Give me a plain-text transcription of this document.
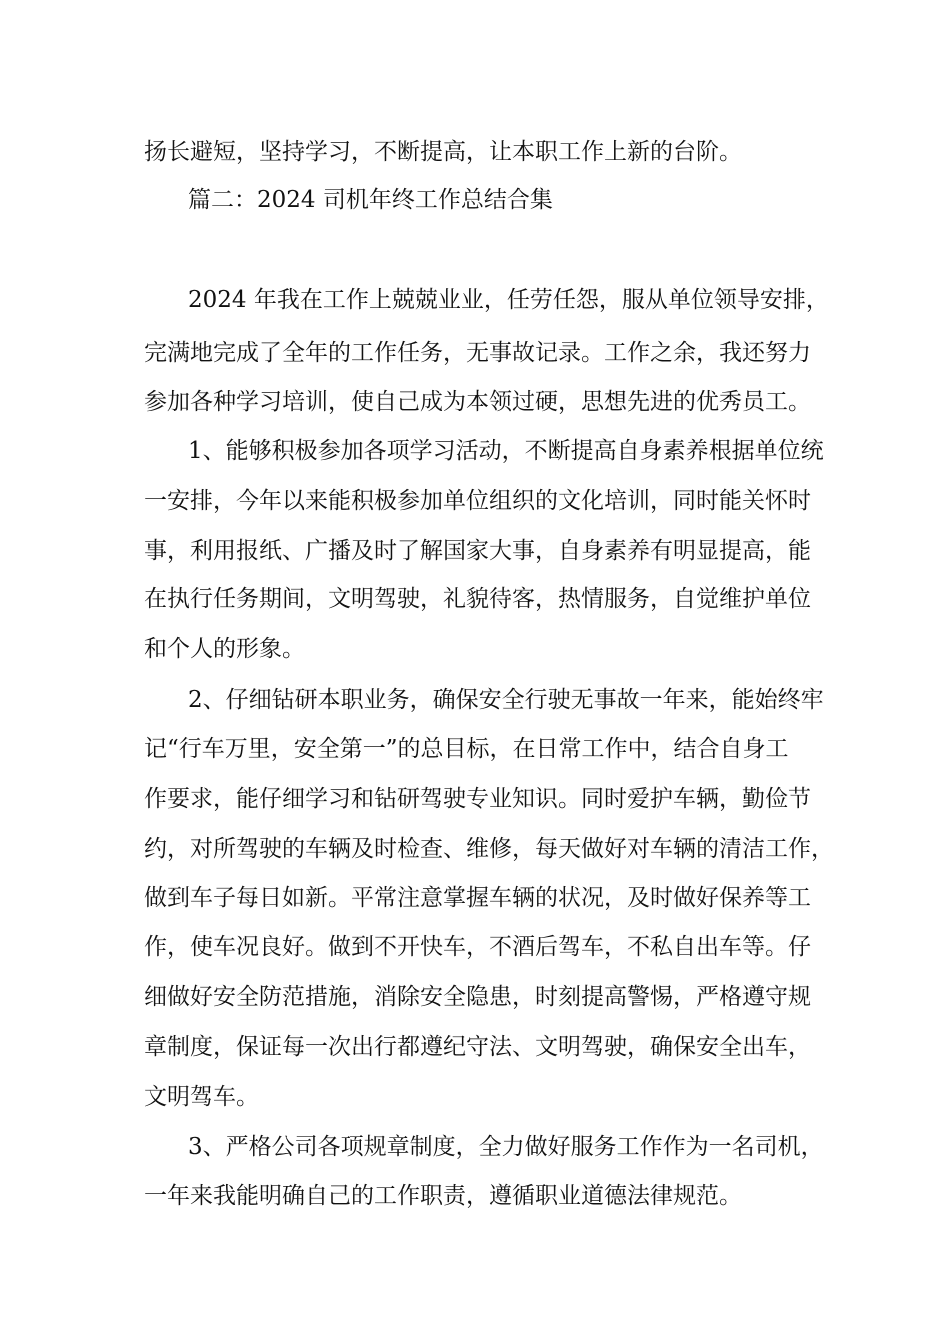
扬长避短，坚持学习，不断提高，让本职工作上新的台阶。

篇二：2024 司机年终工作总结合集

2024 年我在工作上兢兢业业，任劳任怨，服从单位领导安排，

完满地完成了全年的工作任务，无事故记录。工作之余，我还努力

参加各种学习培训，使自己成为本领过硬，思想先进的优秀员工。

1、能够积极参加各项学习活动，不断提高自身素养根据单位统

一安排，今年以来能积极参加单位组织的文化培训，同时能关怀时

事，利用报纸、广播及时了解国家大事，自身素养有明显提高，能

在执行任务期间，文明驾驶，礼貌待客，热情服务，自觉维护单位

和个人的形象。

2、仔细钻研本职业务，确保安全行驶无事故一年来，能始终牢

记“行车万里，安全第一”的总目标，在日常工作中，结合自身工

作要求，能仔细学习和钻研驾驶专业知识。同时爱护车辆，勤俭节

约，对所驾驶的车辆及时检查、维修，每天做好对车辆的清洁工作，

做到车子每日如新。平常注意掌握车辆的状况，及时做好保养等工

作，使车况良好。做到不开快车，不酒后驾车，不私自出车等。仔

细做好安全防范措施，消除安全隐患，时刻提高警惕，严格遵守规

章制度，保证每一次出行都遵纪守法、文明驾驶，确保安全出车，

文明驾车。

3、严格公司各项规章制度，全力做好服务工作作为一名司机，

一年来我能明确自己的工作职责，遵循职业道德法律规范。
